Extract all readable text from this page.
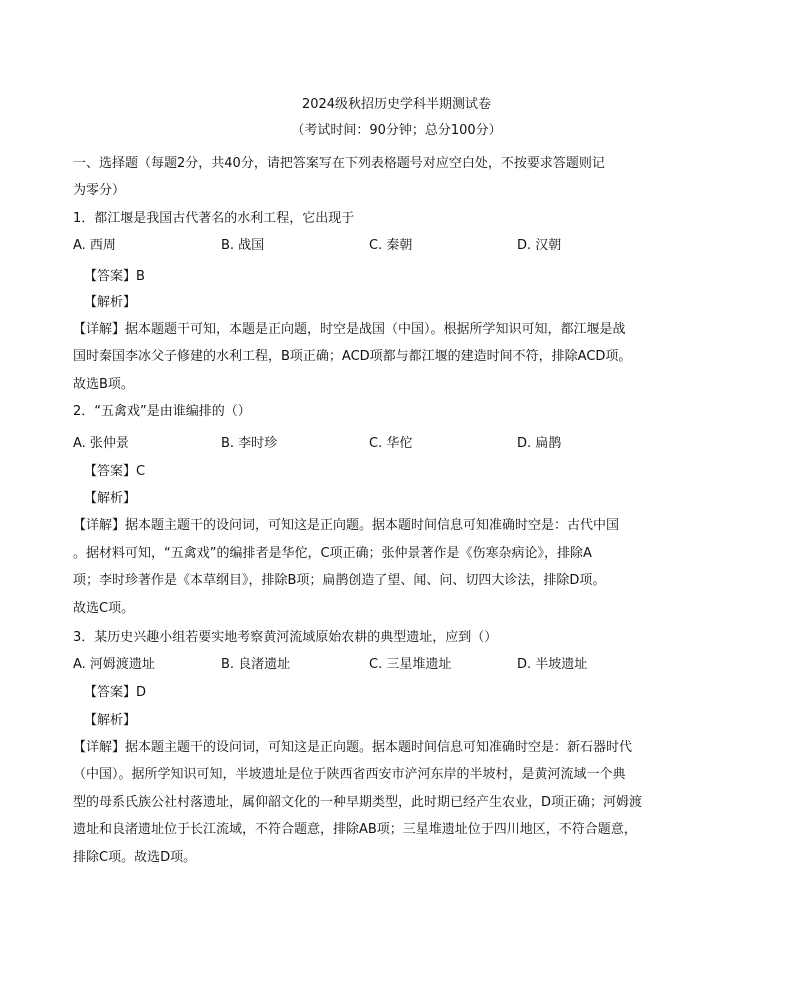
2024级秋招历史学科半期测试卷
（考试时间：90分钟；总分100分）
一、选择题（每题2分，共40分，请把答案写在下列表格题号对应空白处，不按要求答题则记
为零分）
1．都江堰是我国古代著名的水利工程，它出现于
A. 西周	B. 战国	C. 秦朝	D. 汉朝
【答案】B
【解析】
【详解】据本题题干可知，本题是正向题，时空是战国（中国）。根据所学知识可知，都江堰是战
国时秦国李冰父子修建的水利工程，B项正确；ACD项都与都江堰的建造时间不符，排除ACD项。
故选B项。
2．“五禽戏”是由谁编排的（）
A. 张仲景	B. 李时珍	C. 华佗	D. 扁鹊
【答案】C
【解析】
【详解】据本题主题干的设问词，可知这是正向题。据本题时间信息可知准确时空是：古代中国
。据材料可知，“五禽戏”的编排者是华佗，C项正确；张仲景著作是《伤寒杂病论》，排除A
项；李时珍著作是《本草纲目》，排除B项；扁鹊创造了望、闻、问、切四大诊法，排除D项。
故选C项。
3．某历史兴趣小组若要实地考察黄河流域原始农耕的典型遗址，应到（）
A. 河姆渡遗址	B. 良渚遗址	C. 三星堆遗址	D. 半坡遗址
【答案】D
【解析】
【详解】据本题主题干的设问词，可知这是正向题。据本题时间信息可知准确时空是：新石器时代
（中国）。据所学知识可知，半坡遗址是位于陕西省西安市浐河东岸的半坡村，是黄河流域一个典
型的母系氏族公社村落遗址，属仰韶文化的一种早期类型，此时期已经产生农业，D项正确；河姆渡
遗址和良渚遗址位于长江流域，不符合题意，排除AB项；三星堆遗址位于四川地区，不符合题意，
排除C项。故选D项。
